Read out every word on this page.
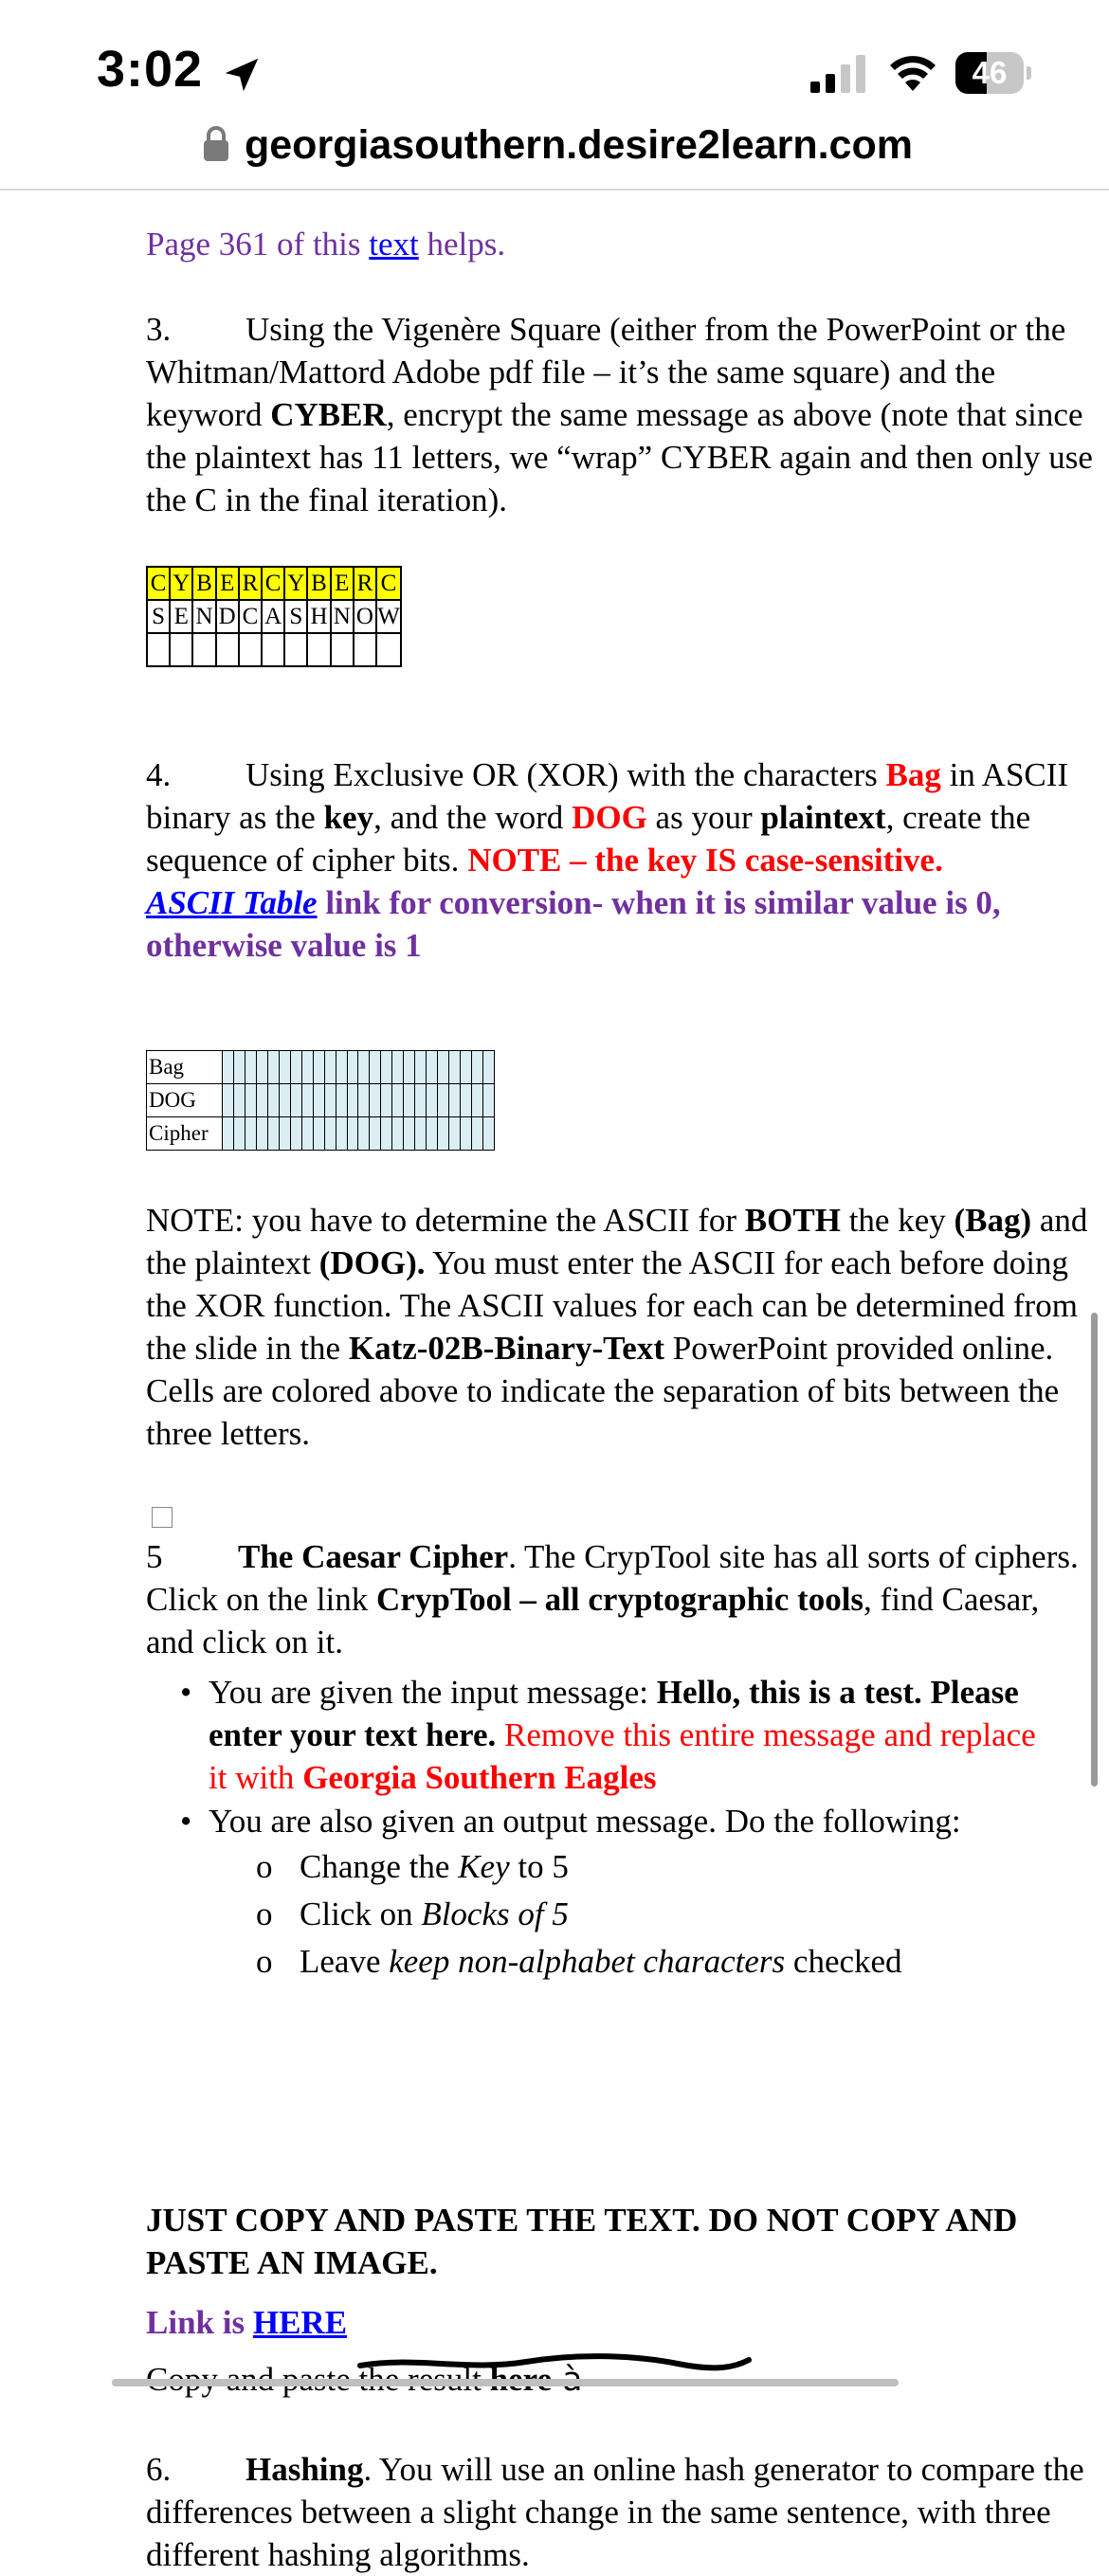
3:02	46
georgiasouthern.desire2learn.com

Page 361 of this text helps.

3. Using the Vigenère Square (either from the PowerPoint or the Whitman/Mattord Adobe pdf file – it’s the same square) and the keyword CYBER, encrypt the same message as above (note that since the plaintext has 11 letters, we “wrap” CYBER again and then only use the C in the final iteration).

C	Y	B	E	R	C	Y	B	E	R	C
S	E	N	D	C	A	S	H	N	O	W

4. Using Exclusive OR (XOR) with the characters Bag in ASCII binary as the key, and the word DOG as your plaintext, create the sequence of cipher bits. NOTE – the key IS case-sensitive.
ASCII Table link for conversion- when it is similar value is 0, otherwise value is 1

Bag																								
DOG																								
Cipher																								

NOTE: you have to determine the ASCII for BOTH the key (Bag) and the plaintext (DOG). You must enter the ASCII for each before doing the XOR function. The ASCII values for each can be determined from the slide in the Katz-02B-Binary-Text PowerPoint provided online. Cells are colored above to indicate the separation of bits between the three letters.

5 The Caesar Cipher. The CrypTool site has all sorts of ciphers. Click on the link CrypTool – all cryptographic tools, find Caesar, and click on it.

• You are given the input message: Hello, this is a test. Please enter your text here. Remove this entire message and replace it with Georgia Southern Eagles
• You are also given an output message. Do the following:
o Change the Key to 5
o Click on Blocks of 5
o Leave keep non-alphabet characters checked

JUST COPY AND PASTE THE TEXT. DO NOT COPY AND PASTE AN IMAGE.

Link is HERE

6. Hashing. You will use an online hash generator to compare the differences between a slight change in the same sentence, with three different hashing algorithms.
